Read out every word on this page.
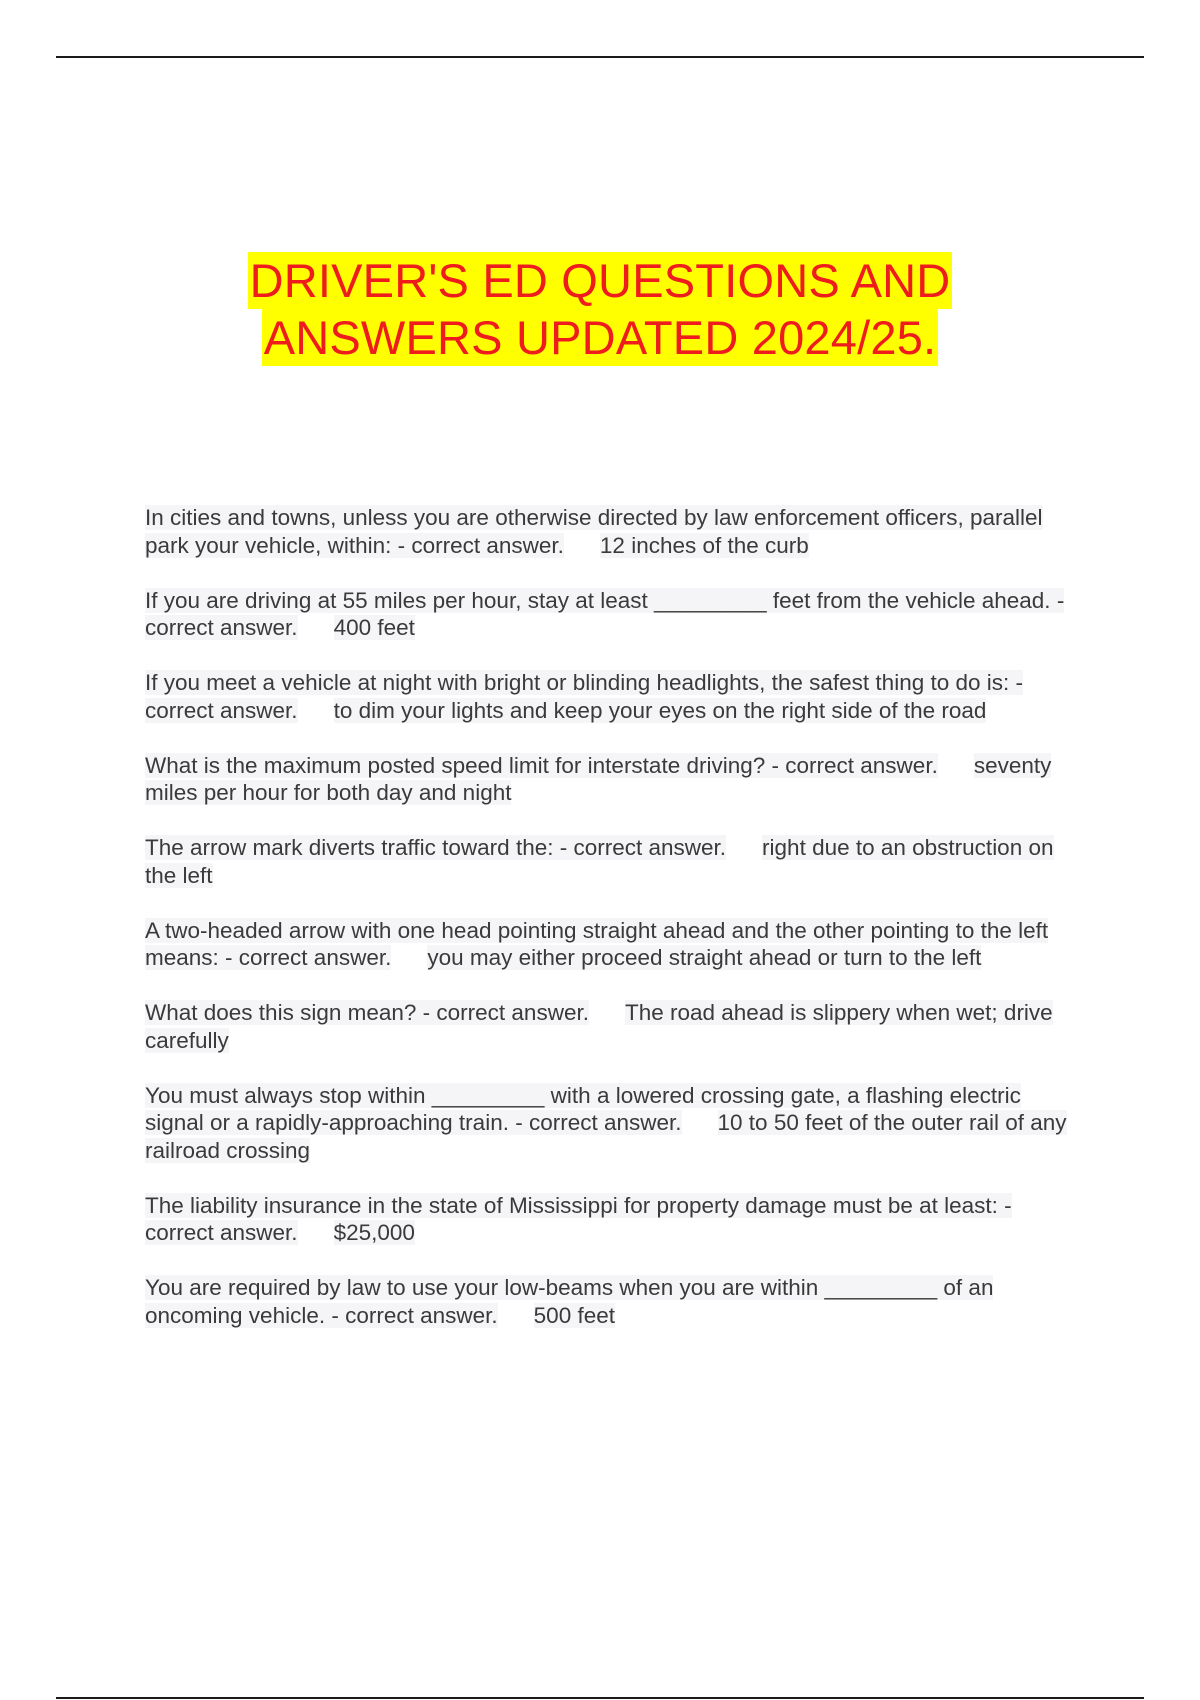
DRIVER'S ED QUESTIONS AND
ANSWERS UPDATED 2024/25.

In cities and towns, unless you are otherwise directed by law enforcement officers, parallel park your vehicle, within: - correct answer. 12 inches of the curb

If you are driving at 55 miles per hour, stay at least _________ feet from the vehicle ahead. - correct answer. 400 feet

If you meet a vehicle at night with bright or blinding headlights, the safest thing to do is: - correct answer. to dim your lights and keep your eyes on the right side of the road

What is the maximum posted speed limit for interstate driving? - correct answer. seventy miles per hour for both day and night

The arrow mark diverts traffic toward the: - correct answer. right due to an obstruction on the left

A two-headed arrow with one head pointing straight ahead and the other pointing to the left means: - correct answer. you may either proceed straight ahead or turn to the left

What does this sign mean? - correct answer. The road ahead is slippery when wet; drive carefully

You must always stop within _________ with a lowered crossing gate, a flashing electric signal or a rapidly-approaching train. - correct answer. 10 to 50 feet of the outer rail of any railroad crossing

The liability insurance in the state of Mississippi for property damage must be at least: - correct answer. $25,000

You are required by law to use your low-beams when you are within _________ of an oncoming vehicle. - correct answer. 500 feet
